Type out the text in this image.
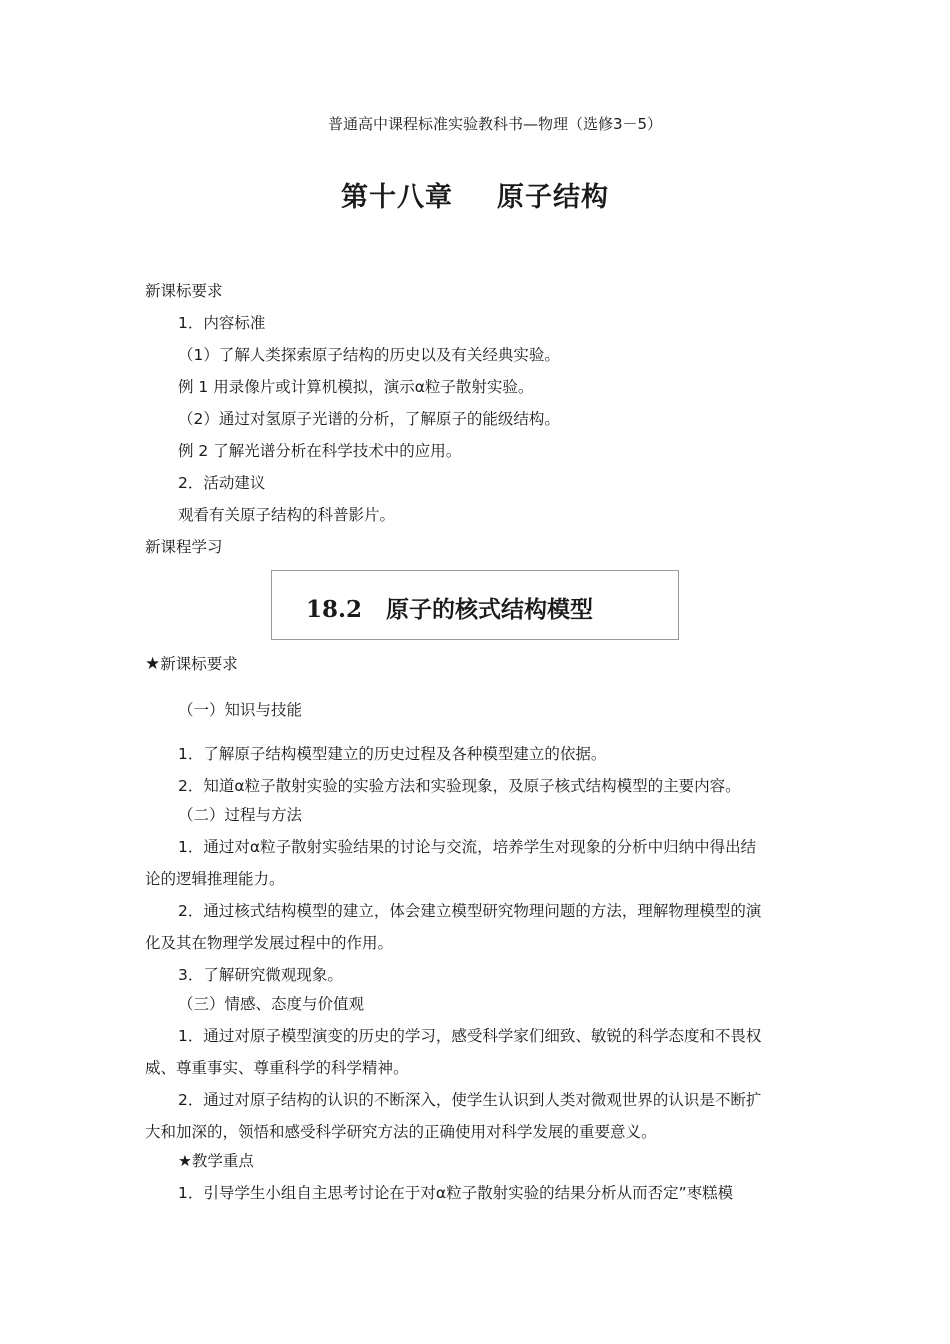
普通高中课程标准实验教科书—物理（选修3－5）
第十八章 原子结构
新课标要求
1．内容标准
（1）了解人类探索原子结构的历史以及有关经典实验。
例 1 用录像片或计算机模拟，演示α粒子散射实验。
（2）通过对氢原子光谱的分析，了解原子的能级结构。
例 2 了解光谱分析在科学技术中的应用。
2．活动建议
观看有关原子结构的科普影片。
新课程学习
18.2 原子的核式结构模型
★新课标要求
（一）知识与技能
1．了解原子结构模型建立的历史过程及各种模型建立的依据。
2．知道α粒子散射实验的实验方法和实验现象，及原子核式结构模型的主要内容。
（二）过程与方法
1．通过对α粒子散射实验结果的讨论与交流，培养学生对现象的分析中归纳中得出结
论的逻辑推理能力。
2．通过核式结构模型的建立，体会建立模型研究物理问题的方法，理解物理模型的演
化及其在物理学发展过程中的作用。
3．了解研究微观现象。
（三）情感、态度与价值观
1．通过对原子模型演变的历史的学习，感受科学家们细致、敏锐的科学态度和不畏权
威、尊重事实、尊重科学的科学精神。
2．通过对原子结构的认识的不断深入，使学生认识到人类对微观世界的认识是不断扩
大和加深的，领悟和感受科学研究方法的正确使用对科学发展的重要意义。
★教学重点
1．引导学生小组自主思考讨论在于对α粒子散射实验的结果分析从而否定”枣糕模
